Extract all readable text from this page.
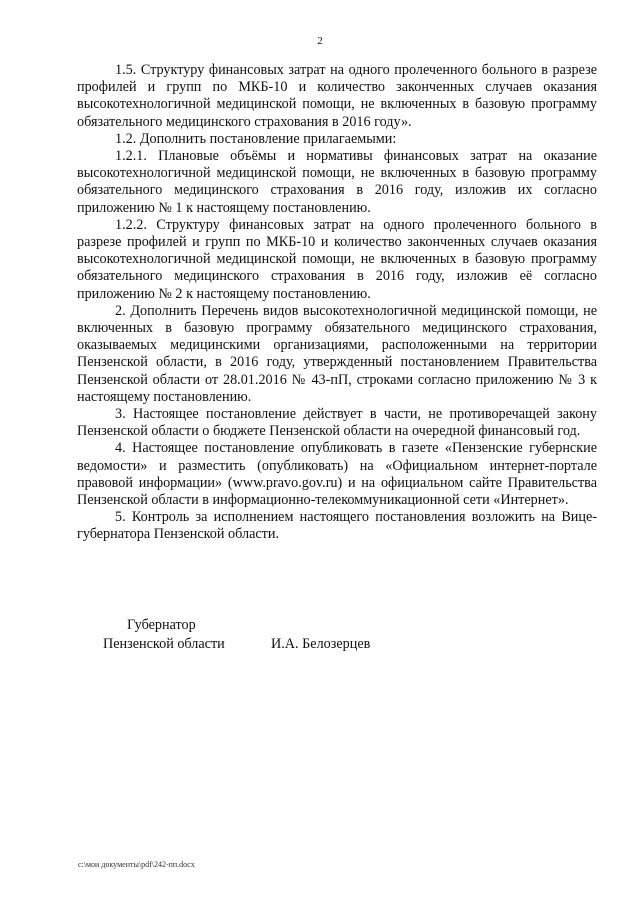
2

1.5. Структуру финансовых затрат на одного пролеченного больного в разрезе профилей и групп по МКБ-10 и количество законченных случаев оказания высокотехнологичной медицинской помощи, не включенных в базовую программу обязательного медицинского страхования в 2016 году».

1.2. Дополнить постановление прилагаемыми:

1.2.1. Плановые объёмы и нормативы финансовых затрат на оказание высокотехнологичной медицинской помощи, не включенных в базовую программу обязательного медицинского страхования в 2016 году, изложив их согласно приложению № 1 к настоящему постановлению.

1.2.2. Структуру финансовых затрат на одного пролеченного больного в разрезе профилей и групп по МКБ-10 и количество законченных случаев оказания высокотехнологичной медицинской помощи, не включенных в базовую программу обязательного медицинского страхования в 2016 году, изложив её согласно приложению № 2 к настоящему постановлению.

2. Дополнить Перечень видов высокотехнологичной медицинской помощи, не включенных в базовую программу обязательного медицинского страхования, оказываемых медицинскими организациями, расположенными на территории Пензенской области, в 2016 году, утвержденный постановлением Правительства Пензенской области от 28.01.2016 № 43-пП, строками согласно приложению № 3 к настоящему постановлению.

3. Настоящее постановление действует в части, не противоречащей закону Пензенской области о бюджете Пензенской области на очередной финансовый год.

4. Настоящее постановление опубликовать в газете «Пензенские губернские ведомости» и разместить (опубликовать) на «Официальном интернет-портале правовой информации» (www.pravo.gov.ru) и на официальном сайте Правительства Пензенской области в информационно-телекоммуникационной сети «Интернет».

5. Контроль за исполнением настоящего постановления возложить на Вице-губернатора Пензенской области.

Губернатор
Пензенской области	И.А. Белозерцев
c:\мои документы\pdf\242-пп.docx
